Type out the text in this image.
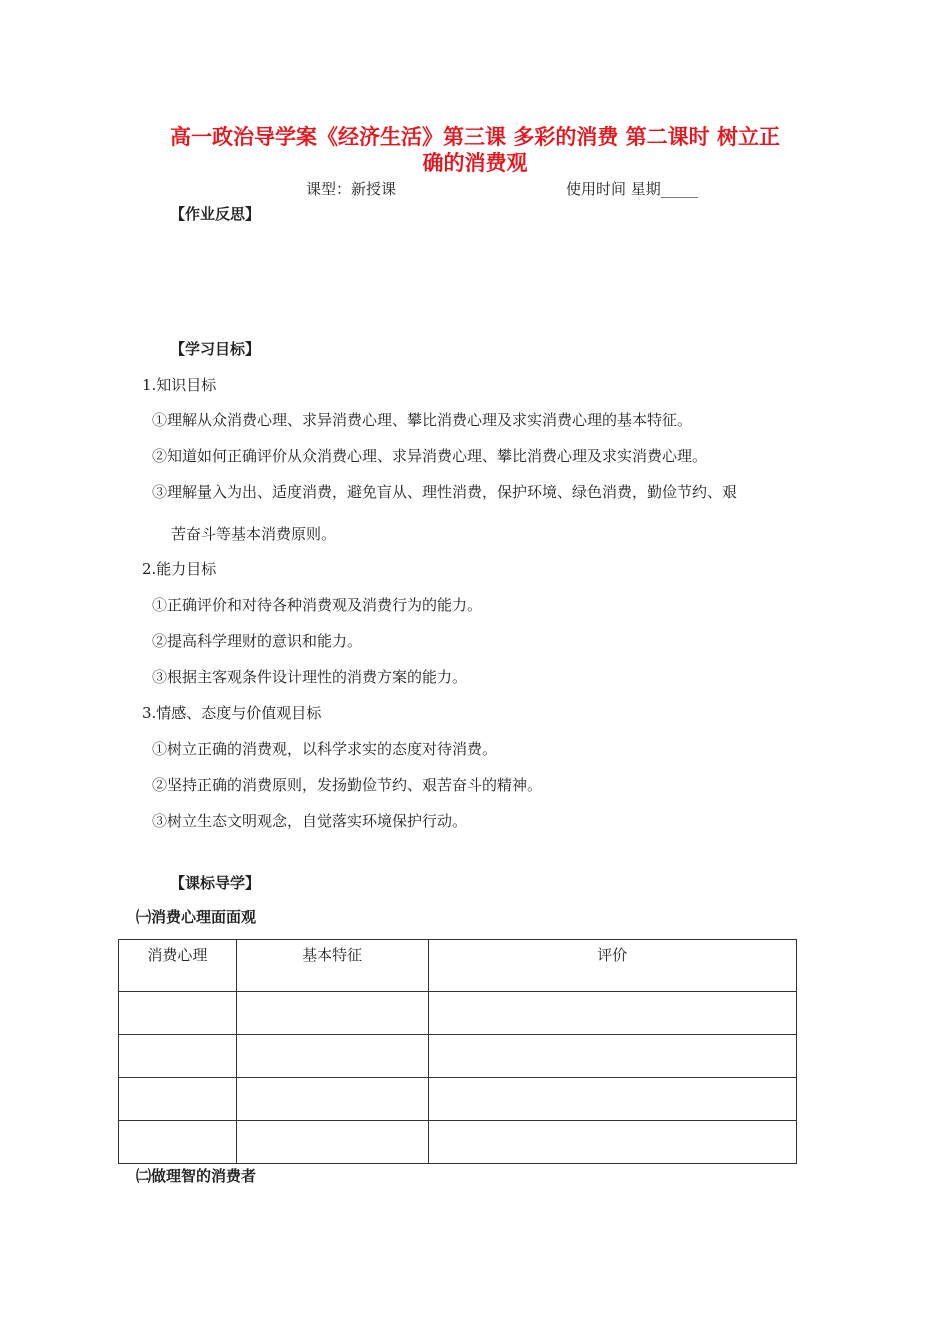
高一政治导学案《经济生活》第三课 多彩的消费 第二课时 树立正
确的消费观
课型：新授课	使用时间 星期_____
【作业反思】
【学习目标】
1.知识目标
①理解从众消费心理、求异消费心理、攀比消费心理及求实消费心理的基本特征。
②知道如何正确评价从众消费心理、求异消费心理、攀比消费心理及求实消费心理。
③理解量入为出、适度消费，避免盲从、理性消费，保护环境、绿色消费，勤俭节约、艰
苦奋斗等基本消费原则。
2.能力目标
①正确评价和对待各种消费观及消费行为的能力。
②提高科学理财的意识和能力。
③根据主客观条件设计理性的消费方案的能力。
3.情感、态度与价值观目标
①树立正确的消费观，以科学求实的态度对待消费。
②坚持正确的消费原则，发扬勤俭节约、艰苦奋斗的精神。
③树立生态文明观念，自觉落实环境保护行动。
【课标导学】
㈠消费心理面面观
消费心理	基本特征	评价

㈡做理智的消费者
